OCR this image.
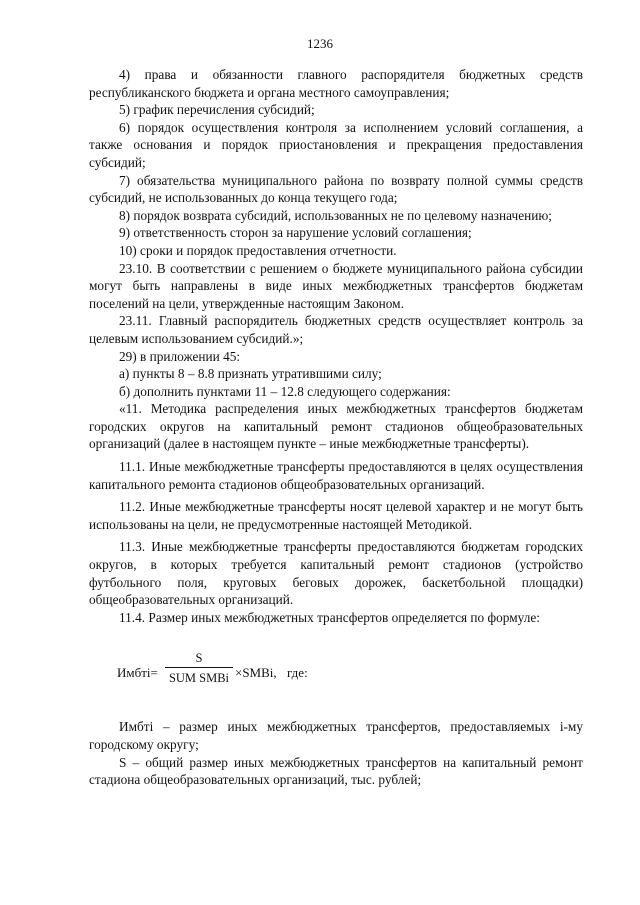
1236

4) права и обязанности главного распорядителя бюджетных средств республиканского бюджета и органа местного самоуправления;

5) график перечисления субсидий;

6) порядок осуществления контроля за исполнением условий соглашения, а также основания и порядок приостановления и прекращения предоставления субсидий;

7) обязательства муниципального района по возврату полной суммы средств субсидий, не использованных до конца текущего года;

8) порядок возврата субсидий, использованных не по целевому назначению;

9) ответственность сторон за нарушение условий соглашения;

10) сроки и порядок предоставления отчетности.

23.10. В соответствии с решением о бюджете муниципального района субсидии могут быть направлены в виде иных межбюджетных трансфертов бюджетам поселений на цели, утвержденные настоящим Законом.

23.11. Главный распорядитель бюджетных средств осуществляет контроль за целевым использованием субсидий.»;

29) в приложении 45:

а) пункты 8 – 8.8 признать утратившими силу;

б) дополнить пунктами 11 – 12.8 следующего содержания:

«11. Методика распределения иных межбюджетных трансфертов бюджетам городских округов на капитальный ремонт стадионов общеобразовательных организаций (далее в настоящем пункте – иные межбюджетные трансферты).

11.1. Иные межбюджетные трансферты предоставляются в целях осуществления капитального ремонта стадионов общеобразовательных организаций.

11.2. Иные межбюджетные трансферты носят целевой характер и не могут быть использованы на цели, не предусмотренные настоящей Методикой.

11.3. Иные межбюджетные трансферты предоставляются бюджетам городских округов, в которых требуется капитальный ремонт стадионов (устройство футбольного поля, круговых беговых дорожек, баскетбольной площадки) общеобразовательных организаций.

11.4. Размер иных межбюджетных трансфертов определяется по формуле:

Имбтi=
S
SUM SMBi ×SMBi, где:

Имбтi – размер иных межбюджетных трансфертов, предоставляемых i-му городскому округу;

S – общий размер иных межбюджетных трансфертов на капитальный ремонт стадиона общеобразовательных организаций, тыс. рублей;
